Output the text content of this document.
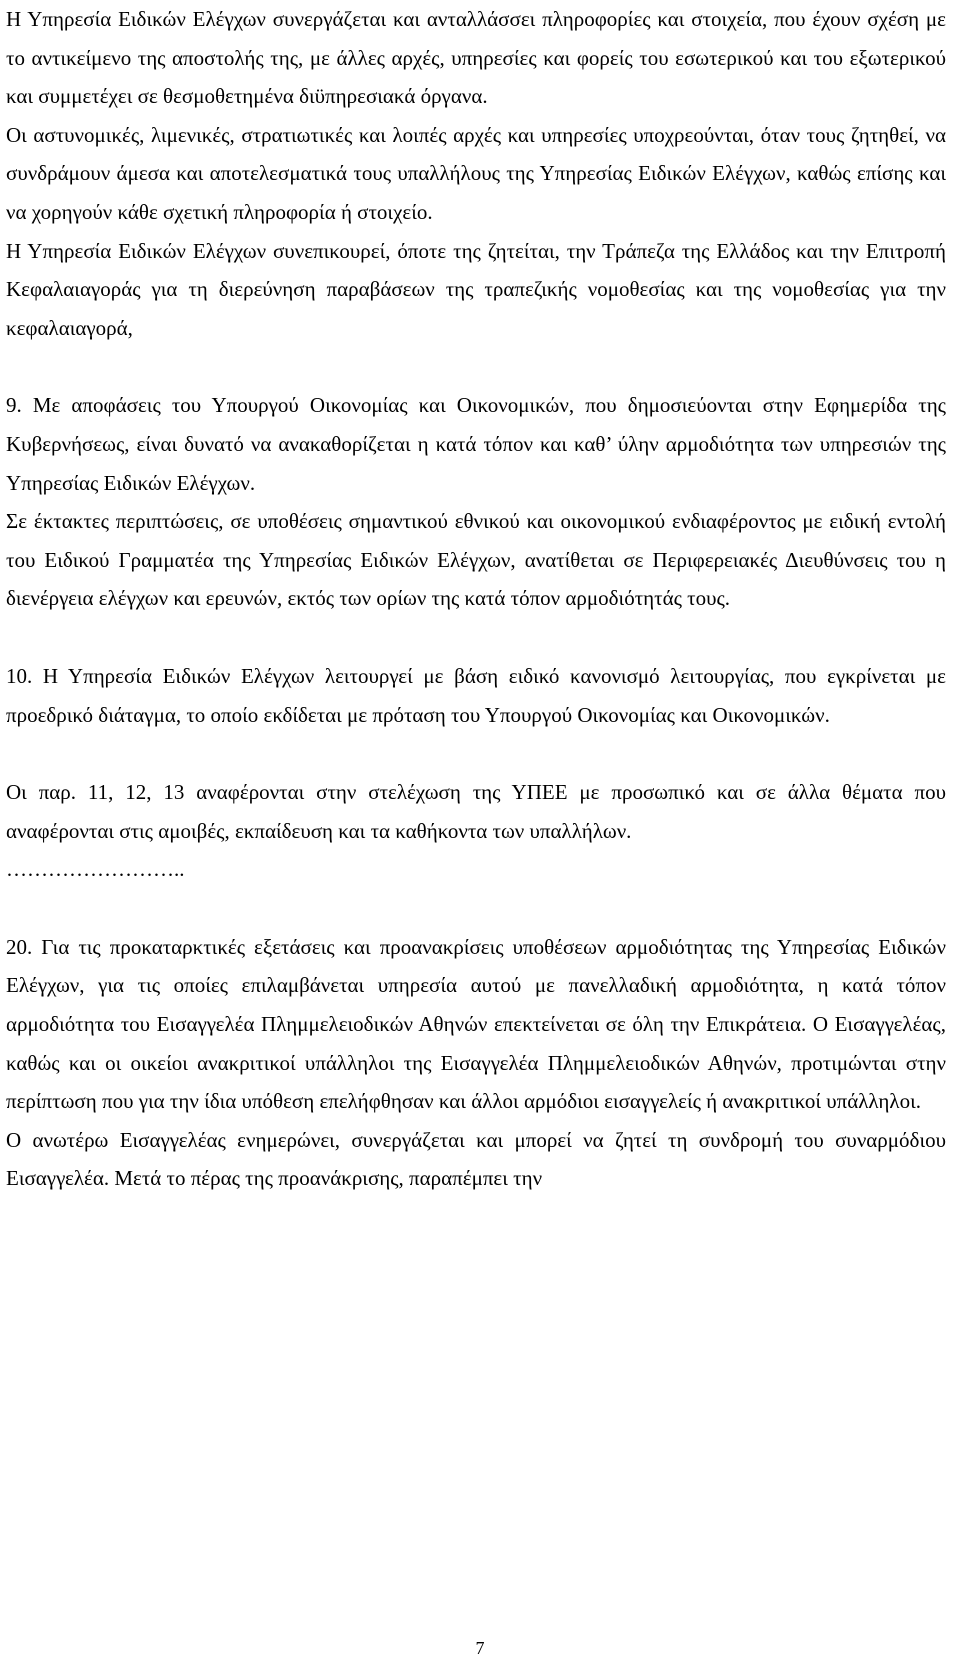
Η Υπηρεσία Ειδικών Ελέγχων συνεργάζεται και ανταλλάσσει πληροφορίες και στοιχεία, που έχουν σχέση με το αντικείμενο της αποστολής της, με άλλες αρχές, υπηρεσίες και φορείς του εσωτερικού και του εξωτερικού και συμμετέχει σε θεσμοθετημένα διϋπηρεσιακά όργανα.

Οι αστυνομικές, λιμενικές, στρατιωτικές και λοιπές αρχές και υπηρεσίες υποχρεούνται, όταν τους ζητηθεί, να συνδράμουν άμεσα και αποτελεσματικά τους υπαλλήλους της Υπηρεσίας Ειδικών Ελέγχων, καθώς επίσης και να χορηγούν κάθε σχετική πληροφορία ή στοιχείο.

Η Υπηρεσία Ειδικών Ελέγχων συνεπικουρεί, όποτε της ζητείται, την Τράπεζα της Ελλάδος και την Επιτροπή Κεφαλαιαγοράς για τη διερεύνηση παραβάσεων της τραπεζικής νομοθεσίας και της νομοθεσίας για την κεφαλαιαγορά,

9. Με αποφάσεις του Υπουργού Οικονομίας και Οικονομικών, που δημοσιεύονται στην Εφημερίδα της Κυβερνήσεως, είναι δυνατό να ανακαθορίζεται η κατά τόπον και καθ’ ύλην αρμοδιότητα των υπηρεσιών της Υπηρεσίας Ειδικών Ελέγχων.

Σε έκτακτες περιπτώσεις, σε υποθέσεις σημαντικού εθνικού και οικονομικού ενδιαφέροντος με ειδική εντολή του Ειδικού Γραμματέα της Υπηρεσίας Ειδικών Ελέγχων, ανατίθεται σε Περιφερειακές Διευθύνσεις του η διενέργεια ελέγχων και ερευνών, εκτός των ορίων της κατά τόπον αρμοδιότητάς τους.

10. Η Υπηρεσία Ειδικών Ελέγχων λειτουργεί με βάση ειδικό κανονισμό λειτουργίας, που εγκρίνεται με προεδρικό διάταγμα, το οποίο εκδίδεται με πρόταση του Υπουργού Οικονομίας και Οικονομικών.

Οι παρ. 11, 12, 13 αναφέρονται στην στελέχωση της ΥΠΕΕ με προσωπικό και σε άλλα θέματα που αναφέρονται στις αμοιβές, εκπαίδευση και τα καθήκοντα των υπαλλήλων.

……………………..

20. Για τις προκαταρκτικές εξετάσεις και προανακρίσεις υποθέσεων αρμοδιότητας της Υπηρεσίας Ειδικών Ελέγχων, για τις οποίες επιλαμβάνεται υπηρεσία αυτού με πανελλαδική αρμοδιότητα, η κατά τόπον αρμοδιότητα του Εισαγγελέα Πλημμελειοδικών Αθηνών επεκτείνεται σε όλη την Επικράτεια. Ο Εισαγγελέας, καθώς και οι οικείοι ανακριτικοί υπάλληλοι της Εισαγγελέα Πλημμελειοδικών Αθηνών, προτιμώνται στην περίπτωση που για την ίδια υπόθεση επελήφθησαν και άλλοι αρμόδιοι εισαγγελείς ή ανακριτικοί υπάλληλοι.

Ο ανωτέρω Εισαγγελέας ενημερώνει, συνεργάζεται και μπορεί να ζητεί τη συνδρομή του συναρμόδιου Εισαγγελέα. Μετά το πέρας της προανάκρισης, παραπέμπει την

7
